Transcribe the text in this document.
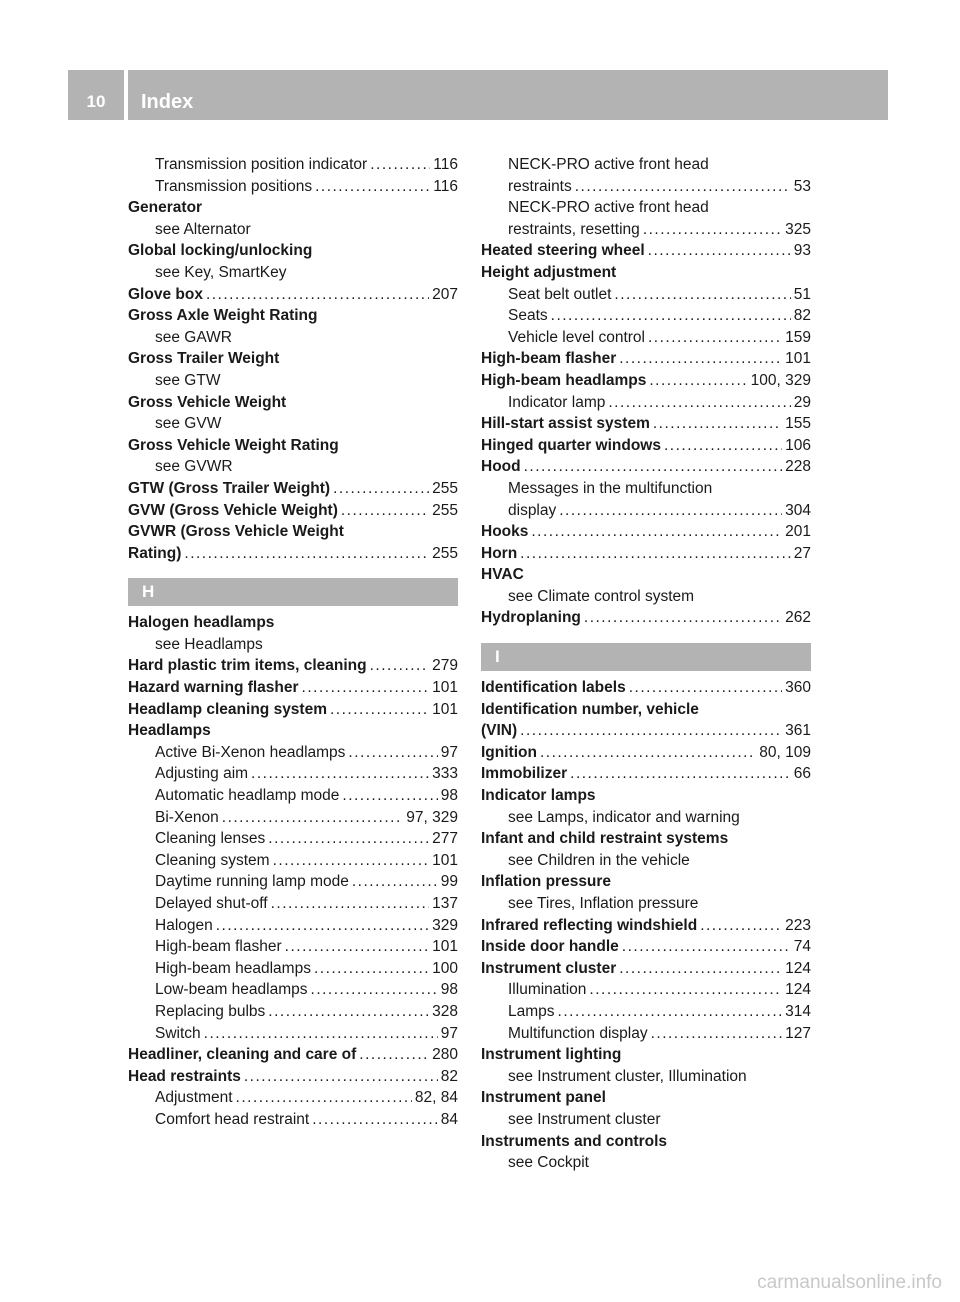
10	Index
Transmission position indicator .....	116
Transmission positions .....	116
Generator
see Alternator
Global locking/unlocking
see Key, SmartKey
Glove box .....	207
Gross Axle Weight Rating
see GAWR
Gross Trailer Weight
see GTW
Gross Vehicle Weight
see GVW
Gross Vehicle Weight Rating
see GVWR
GTW (Gross Trailer Weight) .....	255
GVW (Gross Vehicle Weight) .....	255
GVWR (Gross Vehicle Weight
Rating) .....	255
H
Halogen headlamps
see Headlamps
Hard plastic trim items, cleaning .....	279
Hazard warning flasher .....	101
Headlamp cleaning system .....	101
Headlamps
Active Bi-Xenon headlamps .....	97
Adjusting aim .....	333
Automatic headlamp mode .....	98
Bi-Xenon .....	97, 329
Cleaning lenses .....	277
Cleaning system .....	101
Daytime running lamp mode .....	99
Delayed shut-off .....	137
Halogen .....	329
High-beam flasher .....	101
High-beam headlamps .....	100
Low-beam headlamps .....	98
Replacing bulbs .....	328
Switch .....	97
Headliner, cleaning and care of .....	280
Head restraints .....	82
Adjustment .....	82, 84
Comfort head restraint .....	84
NECK-PRO active front head
restraints .....	53
NECK-PRO active front head
restraints, resetting .....	325
Heated steering wheel .....	93
Height adjustment
Seat belt outlet .....	51
Seats .....	82
Vehicle level control .....	159
High-beam flasher .....	101
High-beam headlamps .....	100, 329
Indicator lamp .....	29
Hill-start assist system .....	155
Hinged quarter windows .....	106
Hood .....	228
Messages in the multifunction
display .....	304
Hooks .....	201
Horn .....	27
HVAC
see Climate control system
Hydroplaning .....	262
I
Identification labels .....	360
Identification number, vehicle
(VIN) .....	361
Ignition .....	80, 109
Immobilizer .....	66
Indicator lamps
see Lamps, indicator and warning
Infant and child restraint systems
see Children in the vehicle
Inflation pressure
see Tires, Inflation pressure
Infrared reflecting windshield .....	223
Inside door handle .....	74
Instrument cluster .....	124
Illumination .....	124
Lamps .....	314
Multifunction display .....	127
Instrument lighting
see Instrument cluster, Illumination
Instrument panel
see Instrument cluster
Instruments and controls
see Cockpit
carmanualsonline.info
